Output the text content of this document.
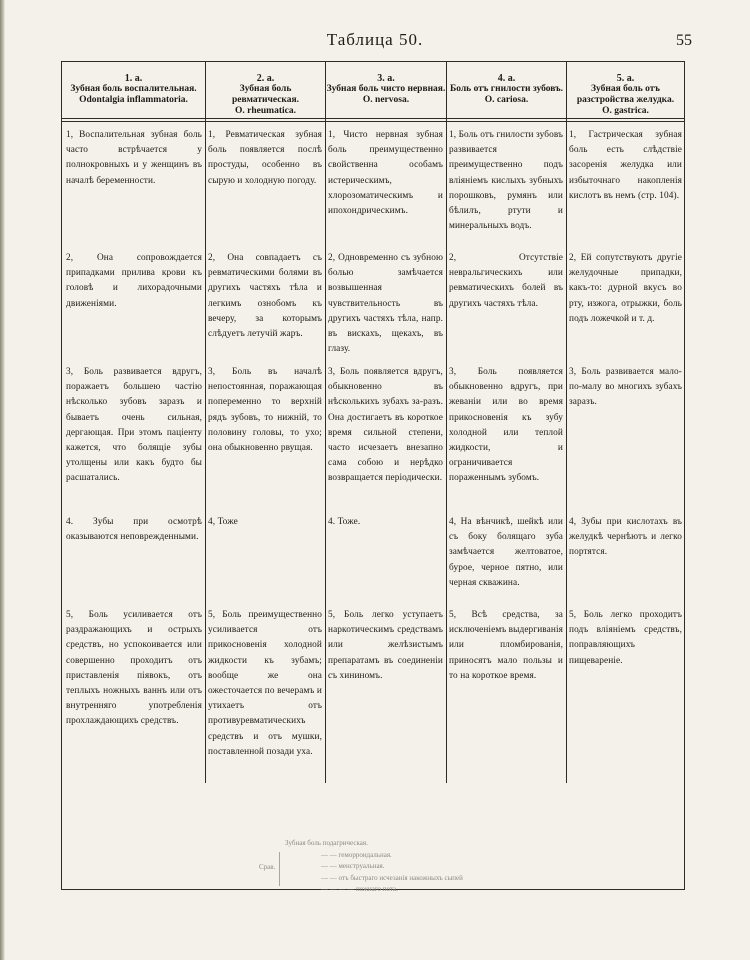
Таблица 50.	55
1. а.
Зубная боль воспалительная.
Odontalgia inflammatoria.
2. а.
Зубная боль ревматическая.
O. rheumatica.
3. а.
Зубная боль чисто нервная.
O. nervosa.
4. а.
Боль отъ гнилости зубовъ.
O. cariosa.
5. а.
Зубная боль отъ разстройства желудка.
O. gastrica.
1, Воспалительная зубная боль часто встрѣчается у полнокровныхъ и у женщинъ въ началѣ беременности.
1, Ревматическая зубная боль появляется послѣ простуды, особенно въ сырую и холодную погоду.
1, Чисто нервная зубная боль преимущественно свойственна особамъ истерическимъ, хлорозоматическимъ и ипохондрическимъ.
1, Боль отъ гнилости зубовъ развивается преимущественно подъ вліяніемъ кислыхъ зубныхъ порошковъ, румянъ или бѣлилъ, ртути и минеральныхъ водъ.
1, Гастрическая зубная боль есть слѣдствіе засоренія желудка или избыточнаго накопленія кислотъ въ немъ (стр. 104).
2, Она сопровождается припадками прилива крови къ головѣ и лихорадочными движеніями.
2, Она совпадаетъ съ ревматическими болями въ другихъ частяхъ тѣла и легкимъ ознобомъ къ вечеру, за которымъ слѣдуетъ летучій жаръ.
2, Одновременно съ зубною болью замѣчается возвышенная чувствительность въ другихъ частяхъ тѣла, напр. въ вискахъ, щекахъ, въ глазу.
2, Отсутствіе невральгическихъ или ревматическихъ болей въ другихъ частяхъ тѣла.
2, Ей сопутствуютъ другіе желудочные припадки, какъ-то: дурной вкусъ во рту, изжога, отрыжки, боль подъ ложечкой и т. д.
3, Боль развивается вдругъ, поражаетъ большею частію нѣсколько зубовъ заразъ и бываетъ очень сильная, дергающая. При этомъ паціенту кажется, что болящіе зубы утолщены или какъ будто бы расшатались.
3, Боль въ началѣ непостоянная, поражающая попеременно то верхній рядъ зубовъ, то нижній, то половину головы, то ухо; она обыкновенно рвущая.
3, Боль появляется вдругъ, обыкновенно въ нѣсколькихъ зубахъ за-разъ. Она достигаетъ въ короткое время сильной степени, часто исчезаетъ внезапно сама собою и нерѣдко возвращается періодически.
3, Боль появляется обыкновенно вдругъ, при жеваніи или во время прикосновенія къ зубу холодной или теплой жидкости, и ограничивается пораженнымъ зубомъ.
3, Боль развивается мало-по-малу во многихъ зубахъ заразъ.
4. Зубы при осмотрѣ оказываются неповрежденными.
4, Тоже	4. Тоже.	4, На вѣнчикѣ, шейкѣ или съ боку болящаго зуба замѣчается желтоватое, бурое, черное пятно, или черная скважина.
4, Зубы при кислотахъ въ желудкѣ чернѣютъ и легко портятся.
5, Боль усиливается отъ раздражающихъ и острыхъ средствъ, но успокоивается или совершенно проходитъ отъ приставленія піявокъ, отъ теплыхъ ножныхъ ваннъ или отъ внутренняго употребленія прохлаждающихъ средствъ.
5, Боль преимущественно усиливается отъ прикосновенія холодной жидкости къ зубамъ; вообще же она ожесточается по вечерамъ и утихаетъ отъ противуревматическихъ средствъ и отъ мушки, поставленной позади уха.
5, Боль легко уступаетъ наркотическимъ средствамъ или желѣзистымъ препаратамъ въ соединеніи съ хининомъ.
5, Всѣ средства, за исключеніемъ выдергиванія или пломбированія, приносятъ мало пользы и то на короткое время.
5, Боль легко проходитъ подъ вліяніемъ средствъ, поправляющихъ пищевареніе.
Срав.
Зубная боль подагрическая.
— — геморроидальная.
— — менструальная.
— — отъ быстраго исчезанія накожныхъ сыпей
— — — — пожнаго пота.
